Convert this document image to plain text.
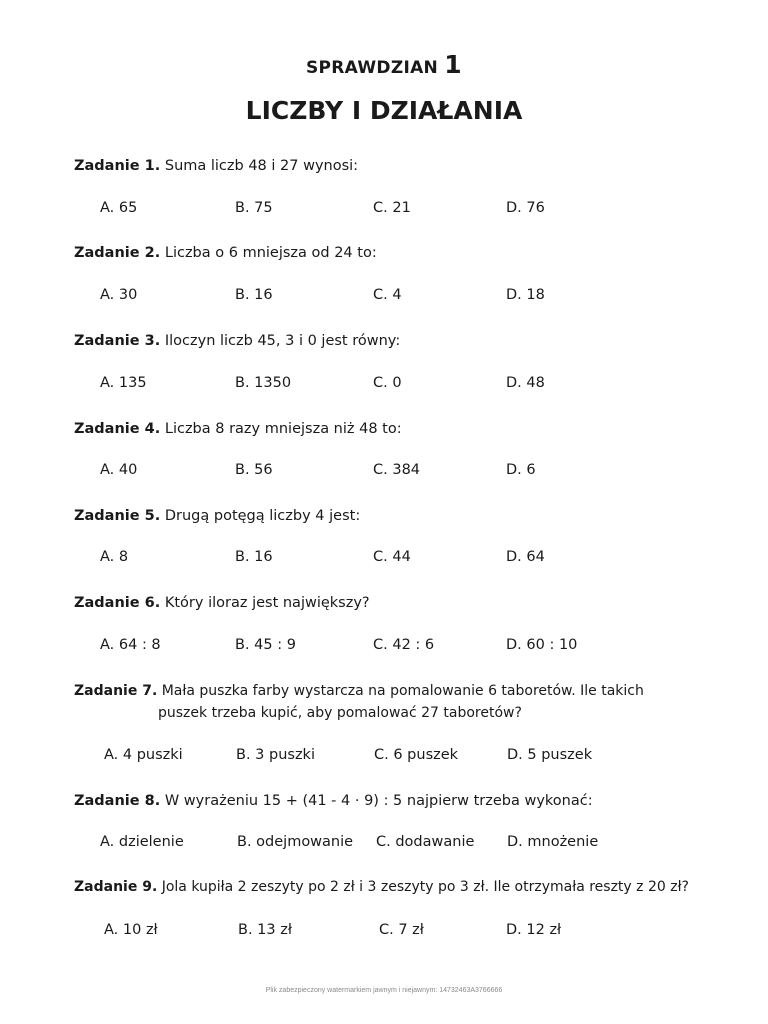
SPRAWDZIAN 1
LICZBY I DZIAŁANIA
Zadanie 1. Suma liczb 48 i 27 wynosi:
A. 65	B. 75	C. 21	D. 76
Zadanie 2. Liczba o 6 mniejsza od 24 to:
A. 30	B. 16	C. 4	D. 18
Zadanie 3. Iloczyn liczb 45, 3 i 0 jest równy:
A. 135	B. 1350	C. 0	D. 48
Zadanie 4. Liczba 8 razy mniejsza niż 48 to:
A. 40	B. 56	C. 384	D. 6
Zadanie 5. Drugą potęgą liczby 4 jest:
A. 8	B. 16	C. 44	D. 64
Zadanie 6. Który iloraz jest największy?
A. 64 : 8	B. 45 : 9	C. 42 : 6	D. 60 : 10
Zadanie 7. Mała puszka farby wystarcza na pomalowanie 6 taboretów. Ile takich
puszek trzeba kupić, aby pomalować 27 taboretów?
A. 4 puszki	B. 3 puszki	C. 6 puszek	D. 5 puszek
Zadanie 8. W wyrażeniu 15 + (41 - 4 · 9) : 5 najpierw trzeba wykonać:
A. dzielenie	B. odejmowanie C. dodawanie D. mnożenie
Zadanie 9. Jola kupiła 2 zeszyty po 2 zł i 3 zeszyty po 3 zł. Ile otrzymała reszty z 20 zł?
A. 10 zł	B. 13 zł	C. 7 zł	D. 12 zł
Plik zabezpieczony watermarkiem jawnym i niejawnym: 14732463A3766666
